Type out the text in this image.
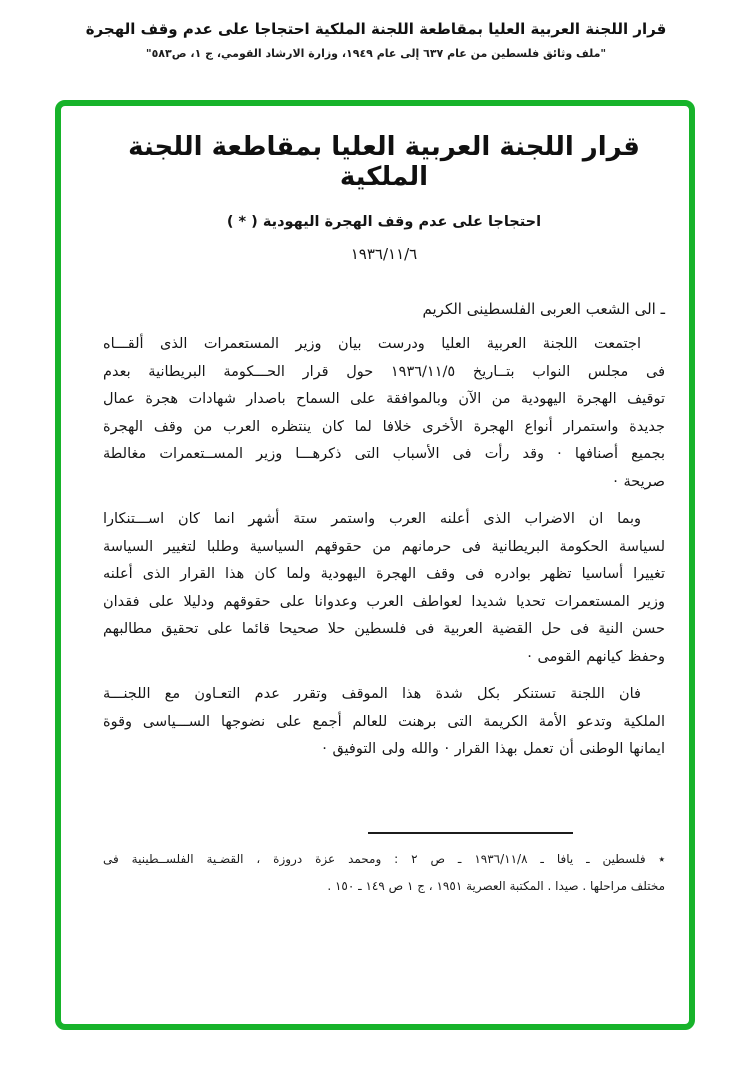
قرار اللجنة العربية العليا بمقاطعة اللجنة الملكية احتجاجا على عدم وقف الهجرة
"ملف وثائق فلسطين من عام ٦٣٧ إلى عام ١٩٤٩، وزارة الارشاد القومي، ج ١، ص٥٨٣"
قرار اللجنة العربية العليا بمقاطعة اللجنة الملكية
احتجاجا على عدم وقف الهجرة اليهودية ( * )
١٩٣٦/١١/٦
ـ الى الشعب العربى الفلسطينى الكريم
اجتمعت اللجنة العربية العليا ودرست بيان وزير المستعمرات الذى ألقـــاه
فى مجلس النواب بتــاريخ ١٩٣٦/١١/٥ حول قرار الحـــكومة البريطانية بعدم
توقيف الهجرة اليهودية من الآن وبالموافقة على السماح باصدار شهادات هجرة عمال
جديدة واستمرار أنواع الهجرة الأخرى خلافا لما كان ينتظره العرب من وقف الهجرة
بجميع أصنافها · وقد رأت فى الأسباب التى ذكرهـــا وزير المســتعمرات مغالطة
صريحة ·
وبما ان الاضراب الذى أعلنه العرب واستمر ستة أشهر انما كان اســـتنكارا
لسياسة الحكومة البريطانية فى حرمانهم من حقوقهم السياسية وطلبا لتغيير السياسة
تغييرا أساسيا تظهر بوادره فى وقف الهجرة اليهودية ولما كان هذا القرار الذى أعلنه
وزير المستعمرات تحديا شديدا لعواطف العرب وعدوانا على حقوقهم ودليلا على فقدان
حسن النية فى حل القضية العربية فى فلسطين حلا صحيحا قائما على تحقيق مطالبهم
وحفظ كيانهم القومى ·
فان اللجنة تستنكر بكل شدة هذا الموقف وتقرر عدم التعـاون مع اللجنـــة
الملكية وتدعو الأمة الكريمة التى برهنت للعالم أجمع على نضوجها الســـياسى وقوة
ايمانها الوطنى أن تعمل بهذا القرار · والله ولى التوفيق ·
٭ فلسطين ـ يافا ـ ١٩٣٦/١١/٨ ـ ص ٢ : ومحمد عزة دروزة ، القضـية الفلســطينية فى
مختلف مراحلها . صيدا . المكتبة العصرية ١٩٥١ ، ج ١ ص ١٤٩ ـ ١٥٠ .
